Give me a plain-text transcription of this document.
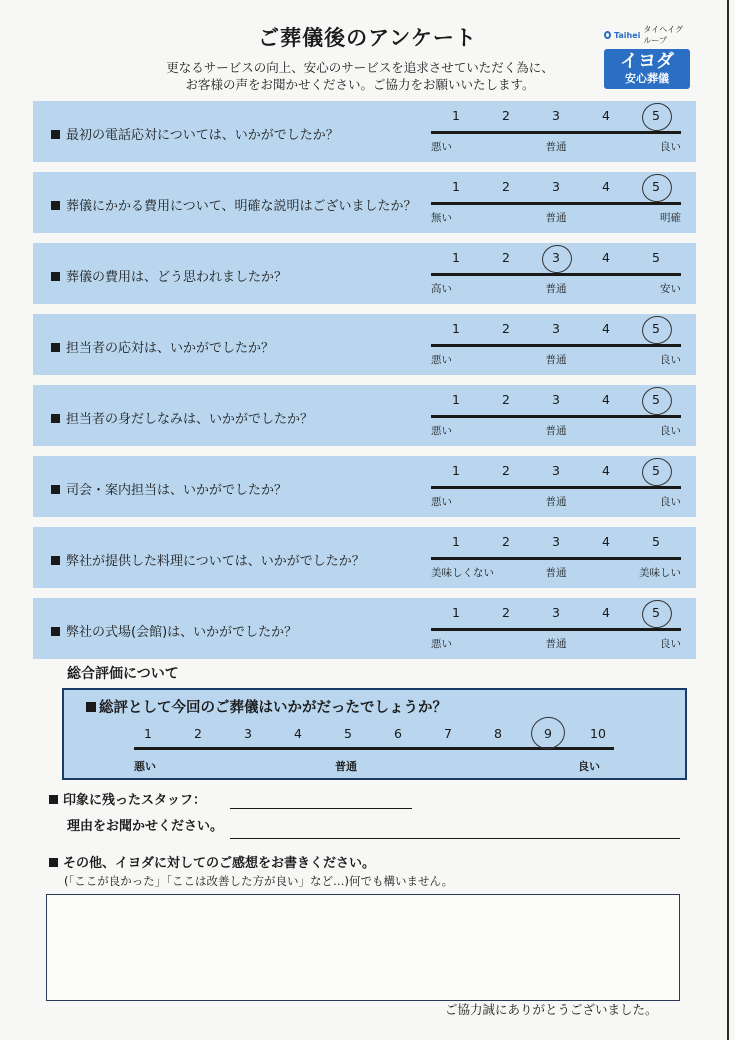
ご葬儀後のアンケート
更なるサービスの向上、安心のサービスを追求させていただく為に、
お客様の声をお聞かせください。ご協力をお願いいたします。
Taihei
タイヘイグループ
イヨダ
安心葬儀
最初の電話応対については、いかがでしたか？
1	2	3	4	5
悪い	普通	良い
葬儀にかかる費用について、明確な説明はございましたか？
1	2	3	4	5
無い	普通	明確
葬儀の費用は、どう思われましたか？
1	2	3	4	5
高い	普通	安い
担当者の応対は、いかがでしたか？
1	2	3	4	5
悪い	普通	良い
担当者の身だしなみは、いかがでしたか？
1	2	3	4	5
悪い	普通	良い
司会・案内担当は、いかがでしたか？
1	2	3	4	5
悪い	普通	良い
弊社が提供した料理については、いかがでしたか？
1	2	3	4	5
美味しくない	普通	美味しい
弊社の式場(会館)は、いかがでしたか？
1	2	3	4	5
悪い	普通	良い
総合評価について
総評として今回のご葬儀はいかがだったでしょうか？
悪い	普通	良い
1	2	3	4	5	6	7	8	9	10
印象に残ったスタッフ：
理由をお聞かせください。
その他、イヨダに対してのご感想をお書きください。
(「ここが良かった」「ここは改善した方が良い」など…)何でも構いません。
ご協力誠にありがとうございました。
